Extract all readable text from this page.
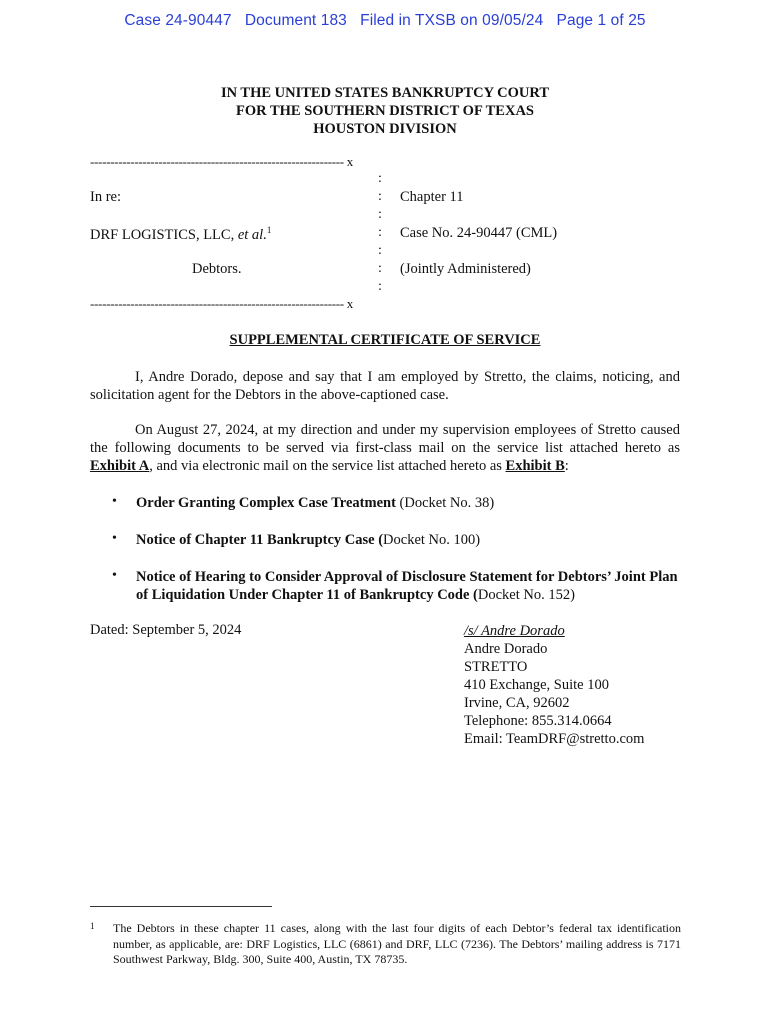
Case 24-90447 Document 183 Filed in TXSB on 09/05/24 Page 1 of 25
IN THE UNITED STATES BANKRUPTCY COURT
FOR THE SOUTHERN DISTRICT OF TEXAS
HOUSTON DIVISION
--------------------------------------------------------------- x
:
:
:
:
:
:
:
In re:
DRF LOGISTICS, LLC, et al.$^1$
Debtors.
Chapter 11
Case No. 24-90447 (CML)
(Jointly Administered)
--------------------------------------------------------------- x
SUPPLEMENTAL CERTIFICATE OF SERVICE
I, Andre Dorado, depose and say that I am employed by Stretto, the claims, noticing, and solicitation agent for the Debtors in the above-captioned case.
On August 27, 2024, at my direction and under my supervision employees of Stretto caused the following documents to be served via first-class mail on the service list attached hereto as Exhibit A, and via electronic mail on the service list attached hereto as Exhibit B:
• Order Granting Complex Case Treatment (Docket No. 38)
• Notice of Chapter 11 Bankruptcy Case (Docket No. 100)
• Notice of Hearing to Consider Approval of Disclosure Statement for Debtors’ Joint Plan of Liquidation Under Chapter 11 of Bankruptcy Code (Docket No. 152)
Dated: September 5, 2024	/s/ Andre Dorado
Andre Dorado
STRETTO
410 Exchange, Suite 100
Irvine, CA, 92602
Telephone: 855.314.0664
Email: TeamDRF@stretto.com
1 The Debtors in these chapter 11 cases, along with the last four digits of each Debtor’s federal tax identification number, as applicable, are: DRF Logistics, LLC (6861) and DRF, LLC (7236). The Debtors’ mailing address is 7171 Southwest Parkway, Bldg. 300, Suite 400, Austin, TX 78735.
